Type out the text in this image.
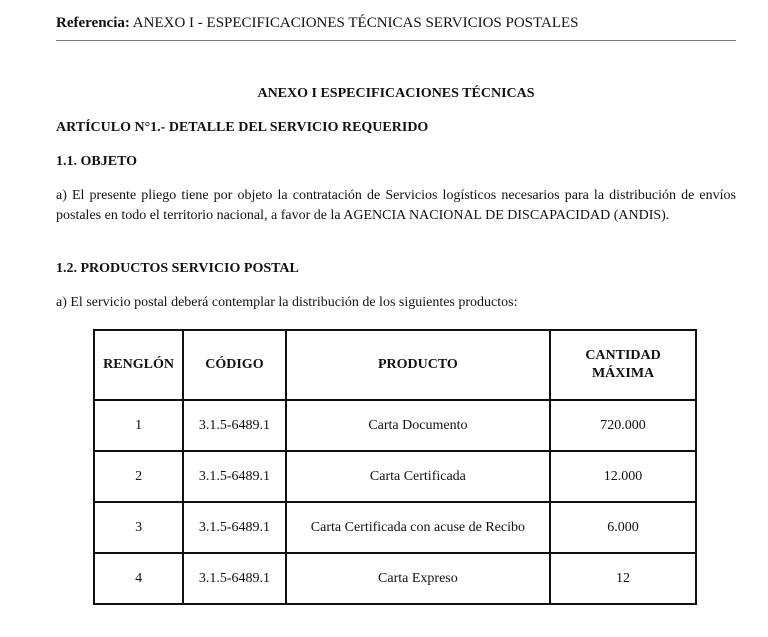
Referencia: ANEXO I - ESPECIFICACIONES TÉCNICAS SERVICIOS POSTALES
ANEXO I ESPECIFICACIONES TÉCNICAS
ARTÍCULO N°1.- DETALLE DEL SERVICIO REQUERIDO
1.1. OBJETO
a) El presente pliego tiene por objeto la contratación de Servicios logísticos necesarios para la distribución de envíos postales en todo el territorio nacional, a favor de la AGENCIA NACIONAL DE DISCAPACIDAD (ANDIS).
1.2. PRODUCTOS SERVICIO POSTAL
a) El servicio postal deberá contemplar la distribución de los siguientes productos:
RENGLÓN	CÓDIGO	PRODUCTO	CANTIDAD
MÁXIMA

1	3.1.5-6489.1	Carta Documento	720.000
2	3.1.5-6489.1	Carta Certificada	12.000
3	3.1.5-6489.1	Carta Certificada con acuse de Recibo	6.000
4	3.1.5-6489.1	Carta Expreso	12
